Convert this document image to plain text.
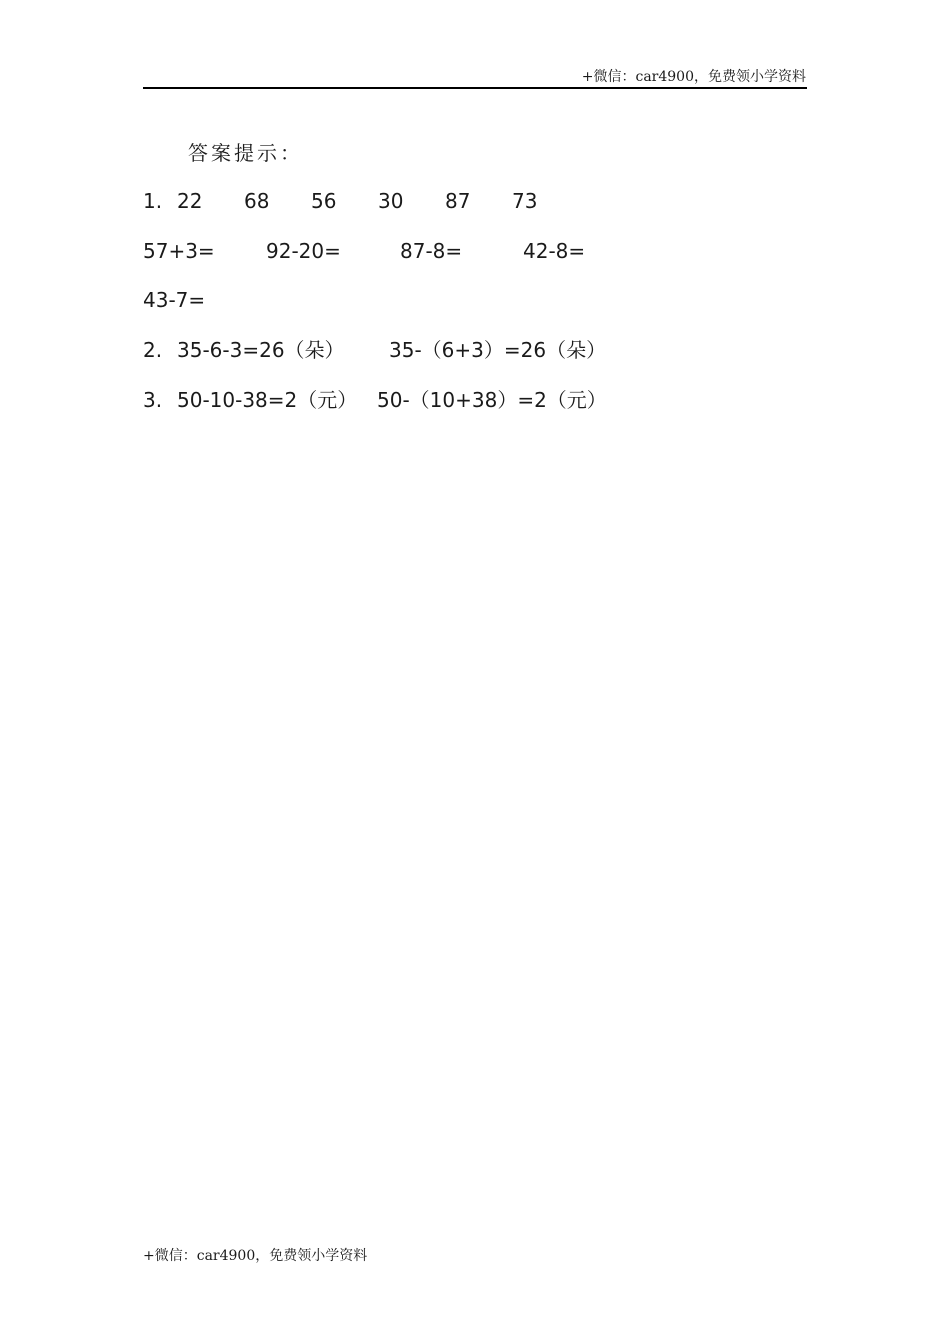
+微信：car4900，免费领小学资料
答案提示：
1. 22 68 56 30 87 73
57+3=	92-20=	87-8=	42-8=
43-7=
2. 35-6-3=26（朵） 35-（6+3）=26（朵）
3. 50-10-38=2（元） 50-（10+38）=2（元）
+微信：car4900，免费领小学资料
